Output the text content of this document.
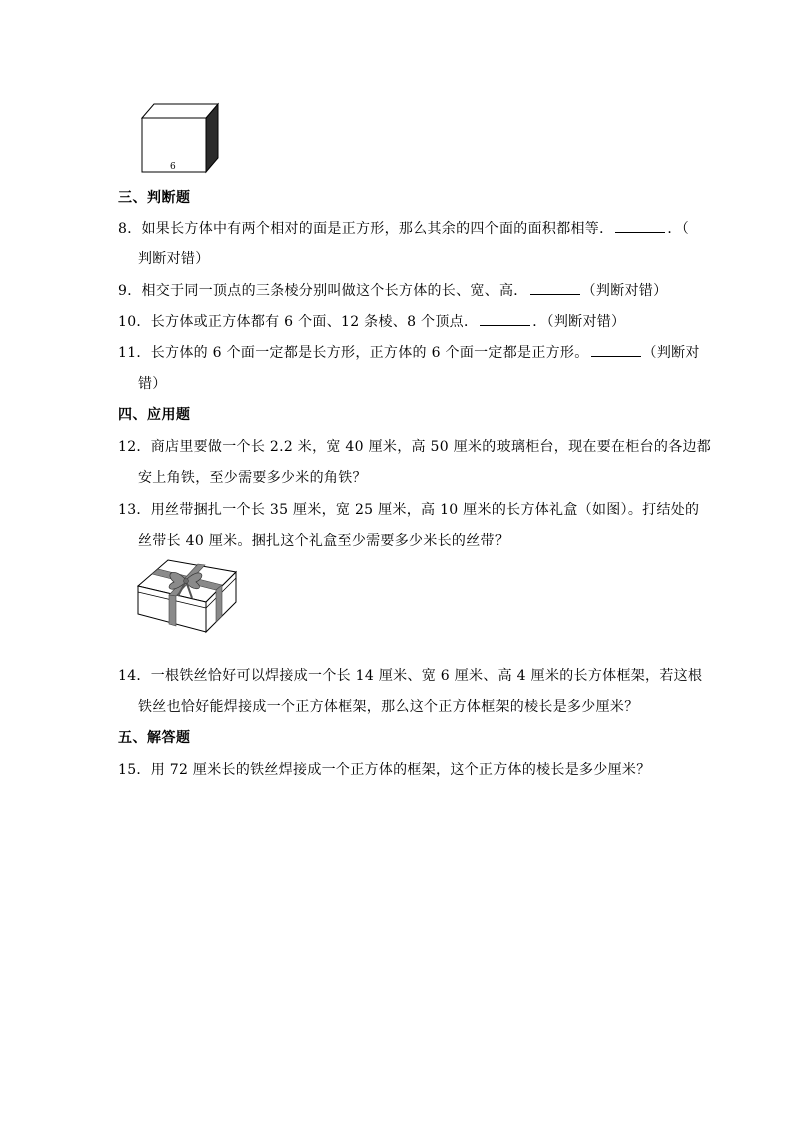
6
三、判断题
8．如果长方体中有两个相对的面是正方形，那么其余的四个面的面积都相等．	．（
判断对错）
9．相交于同一顶点的三条棱分别叫做这个长方体的长、宽、高．	（判断对错）
10．长方体或正方体都有 6 个面、12 条棱、8 个顶点．	．（判断对错）
11．长方体的 6 个面一定都是长方形，正方体的 6 个面一定都是正方形。	（判断对
错）
四、应用题
12．商店里要做一个长 2.2 米，宽 40 厘米，高 50 厘米的玻璃柜台，现在要在柜台的各边都
安上角铁，至少需要多少米的角铁？
13．用丝带捆扎一个长 35 厘米，宽 25 厘米，高 10 厘米的长方体礼盒（如图）。打结处的
丝带长 40 厘米。捆扎这个礼盒至少需要多少米长的丝带？
14．一根铁丝恰好可以焊接成一个长 14 厘米、宽 6 厘米、高 4 厘米的长方体框架，若这根
铁丝也恰好能焊接成一个正方体框架，那么这个正方体框架的棱长是多少厘米？
五、解答题
15．用 72 厘米长的铁丝焊接成一个正方体的框架，这个正方体的棱长是多少厘米？
